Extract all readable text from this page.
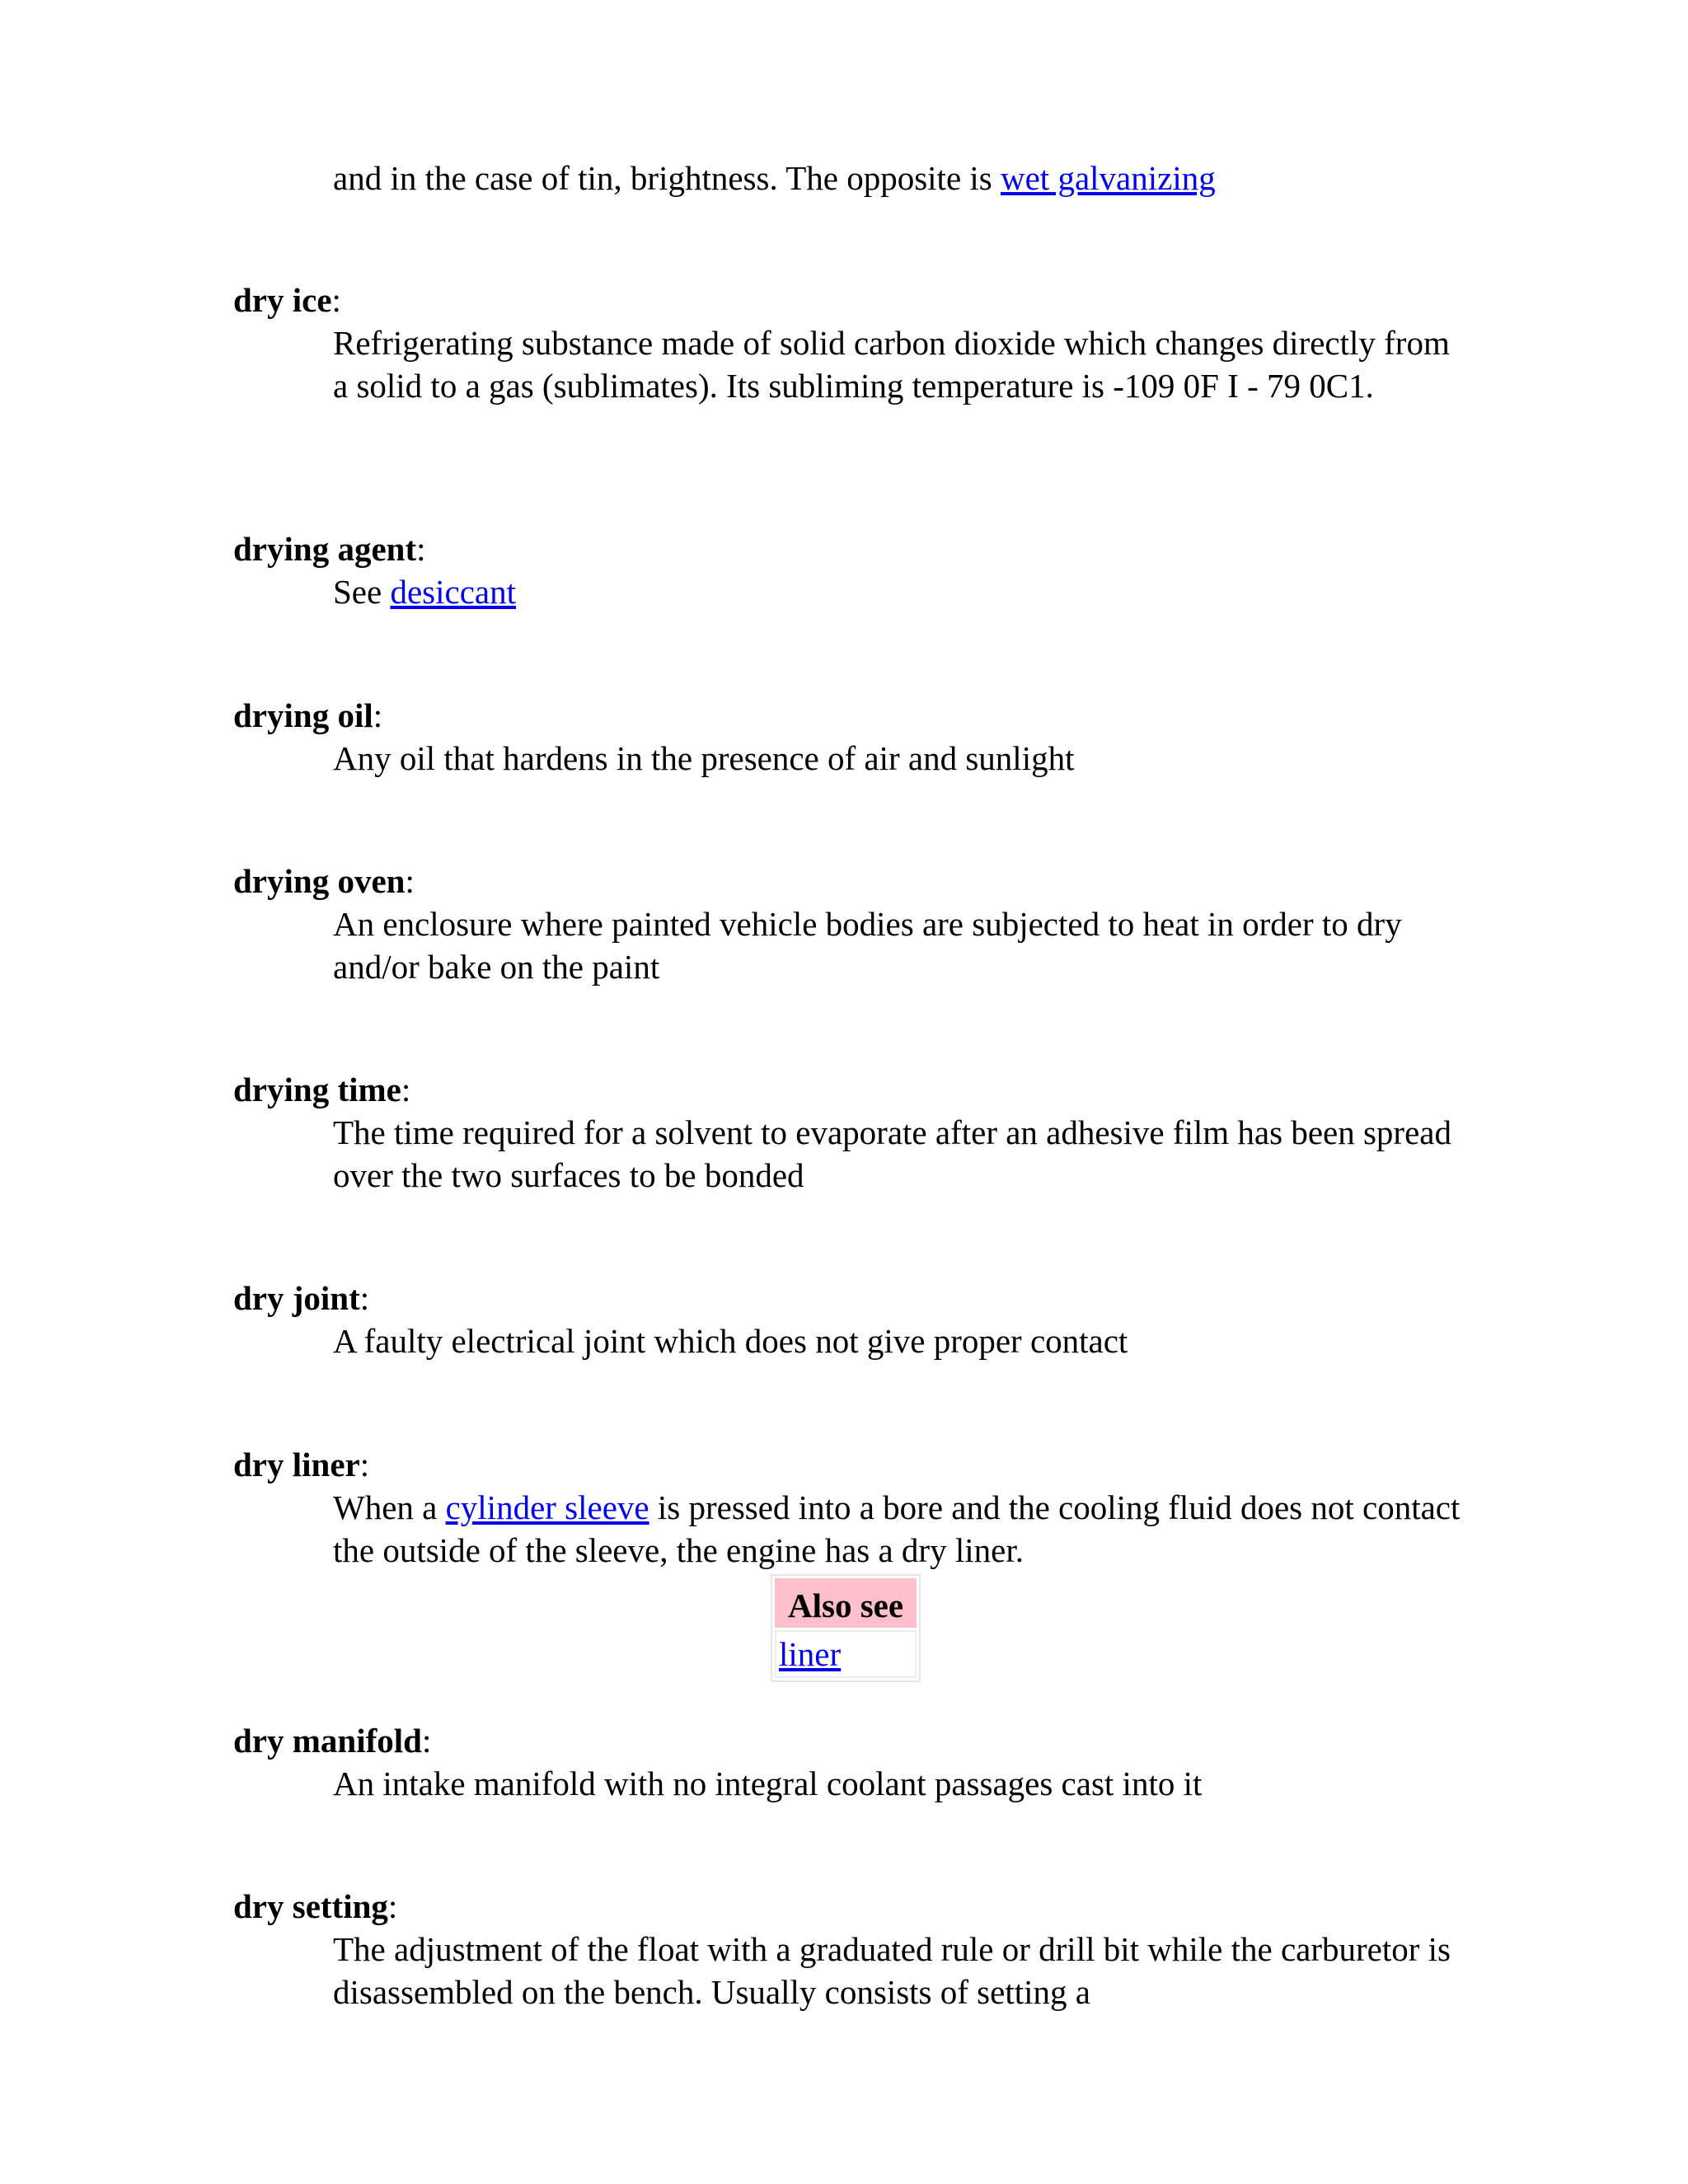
and in the case of tin, brightness. The opposite is wet galvanizing
dry ice:
Refrigerating substance made of solid carbon dioxide which changes directly from a solid to a gas (sublimates). Its subliming temperature is -109 0F I - 79 0C1.
drying agent:
See desiccant
drying oil:
Any oil that hardens in the presence of air and sunlight
drying oven:
An enclosure where painted vehicle bodies are subjected to heat in order to dry and/or bake on the paint
drying time:
The time required for a solvent to evaporate after an adhesive film has been spread over the two surfaces to be bonded
dry joint:
A faulty electrical joint which does not give proper contact
dry liner:
When a cylinder sleeve is pressed into a bore and the cooling fluid does not contact the outside of the sleeve, the engine has a dry liner.
Also see
liner
dry manifold:
An intake manifold with no integral coolant passages cast into it
dry setting:
The adjustment of the float with a graduated rule or drill bit while the carburetor is disassembled on the bench. Usually consists of setting a
